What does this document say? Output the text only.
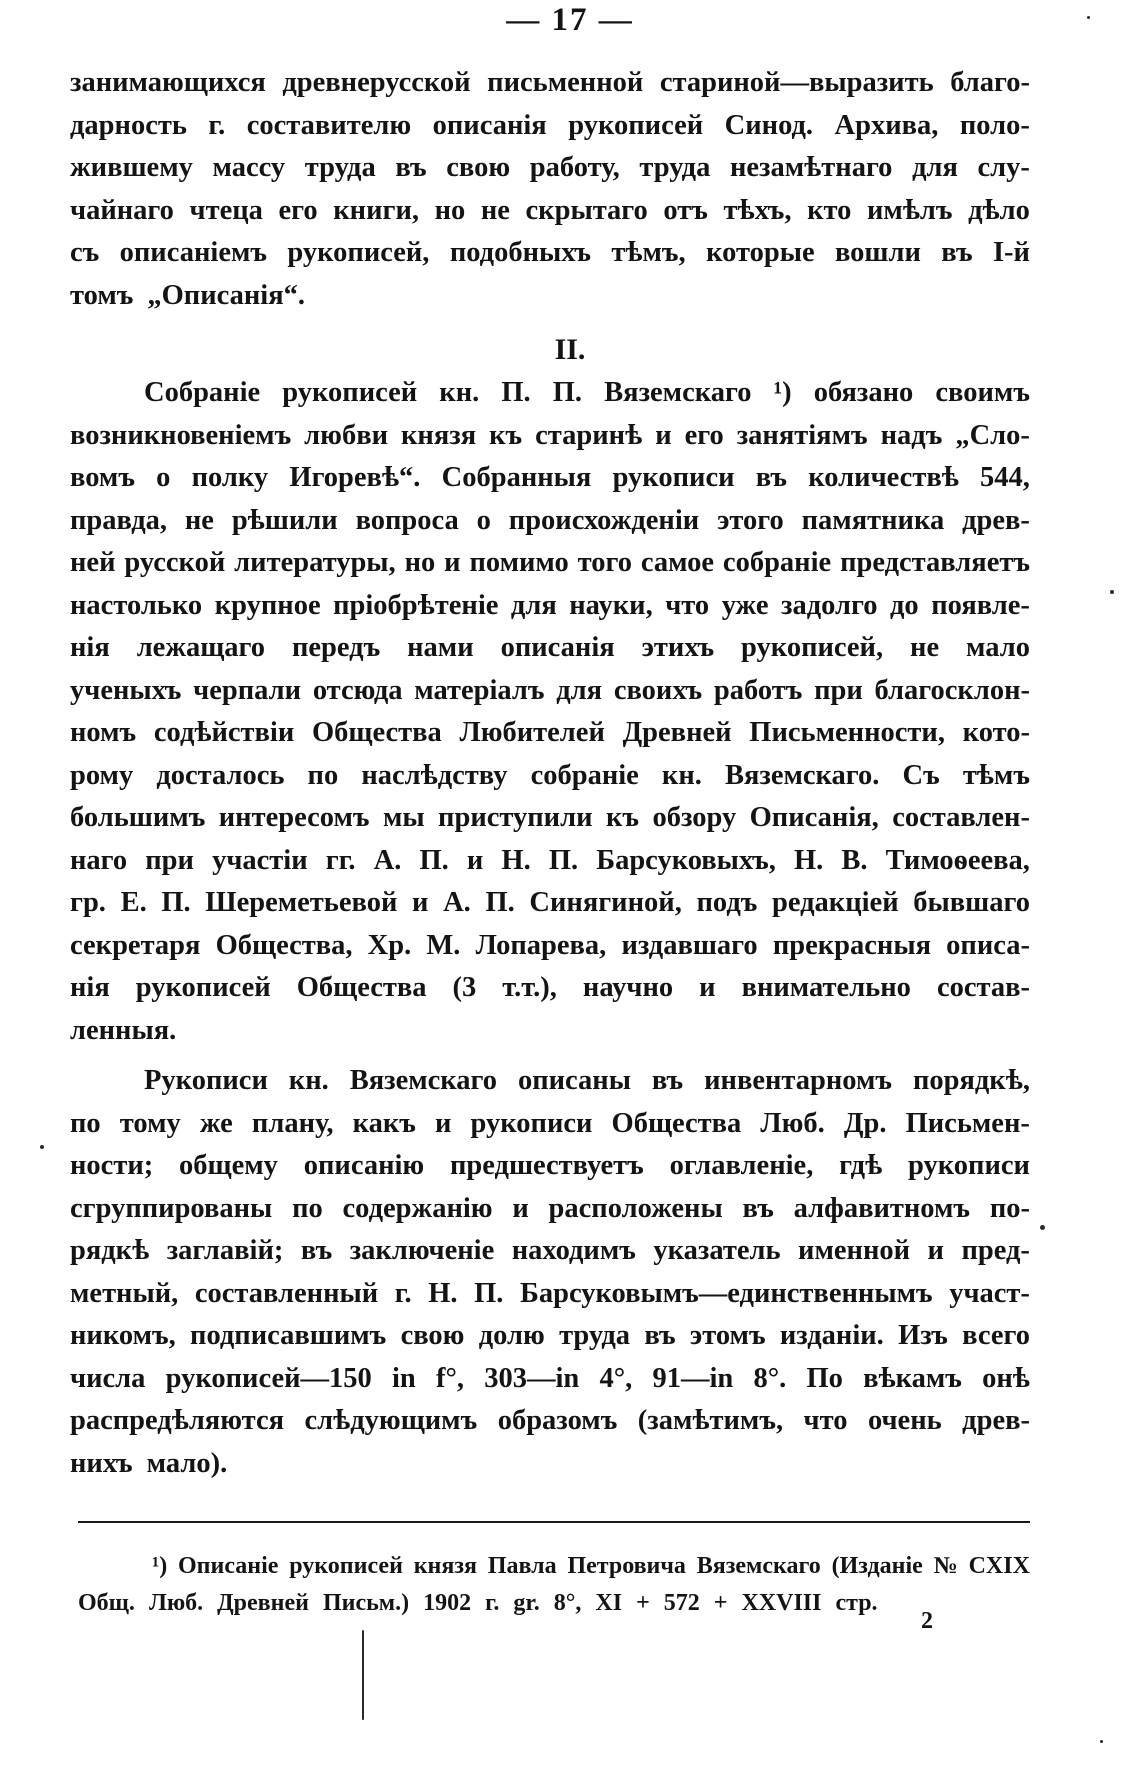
— 17 —
занимающихся древнерусской письменной стариной—выразить благо-
дарность г. составителю описанія рукописей Синод. Архива, поло-
жившему массу труда въ свою работу, труда незамѣтнаго для слу-
чайнаго чтеца его книги, но не скрытаго отъ тѣхъ, кто имѣлъ дѣло
съ описаніемъ рукописей, подобныхъ тѣмъ, которые вошли въ I-й
томъ „Описанія“.
II.
Собраніе рукописей кн. П. П. Вяземскаго ¹) обязано своимъ
возникновеніемъ любви князя къ старинѣ и его занятіямъ надъ „Сло-
вомъ о полку Игоревѣ“. Собранныя рукописи въ количествѣ 544,
правда, не рѣшили вопроса о происхожденіи этого памятника древ-
ней русской литературы, но и помимо того самое собраніе представляетъ
настолько крупное пріобрѣтеніе для науки, что уже задолго до появле-
нія лежащаго передъ нами описанія этихъ рукописей, не мало
ученыхъ черпали отсюда матеріалъ для своихъ работъ при благосклон-
номъ содѣйствіи Общества Любителей Древней Письменности, кото-
рому досталось по наслѣдству собраніе кн. Вяземскаго. Съ тѣмъ
большимъ интересомъ мы приступили къ обзору Описанія, составлен-
наго при участіи гг. А. П. и Н. П. Барсуковыхъ, Н. В. Тимоѳеева,
гр. Е. П. Шереметьевой и А. П. Синягиной, подъ редакціей бывшаго
секретаря Общества, Хр. М. Лопарева, издавшаго прекрасныя описа-
нія рукописей Общества (3 т.т.), научно и внимательно состав-
ленныя.
Рукописи кн. Вяземскаго описаны въ инвентарномъ порядкѣ,
по тому же плану, какъ и рукописи Общества Люб. Др. Письмен-
ности; общему описанію предшествуетъ оглавленіе, гдѣ рукописи
сгруппированы по содержанію и расположены въ алфавитномъ по-
рядкѣ заглавій; въ заключеніе находимъ указатель именной и пред-
метный, составленный г. Н. П. Барсуковымъ—единственнымъ участ-
никомъ, подписавшимъ свою долю труда въ этомъ изданіи. Изъ всего
числа рукописей—150 in f°, 303—in 4°, 91—in 8°. По вѣкамъ онѣ
распредѣляются слѣдующимъ образомъ (замѣтимъ, что очень древ-
нихъ мало).
¹) Описаніе рукописей князя Павла Петровича Вяземскаго (Изданіе № CXIX
Общ. Люб. Древней Письм.) 1902 г. gr. 8°, XI + 572 + XXVIII стр.
2
